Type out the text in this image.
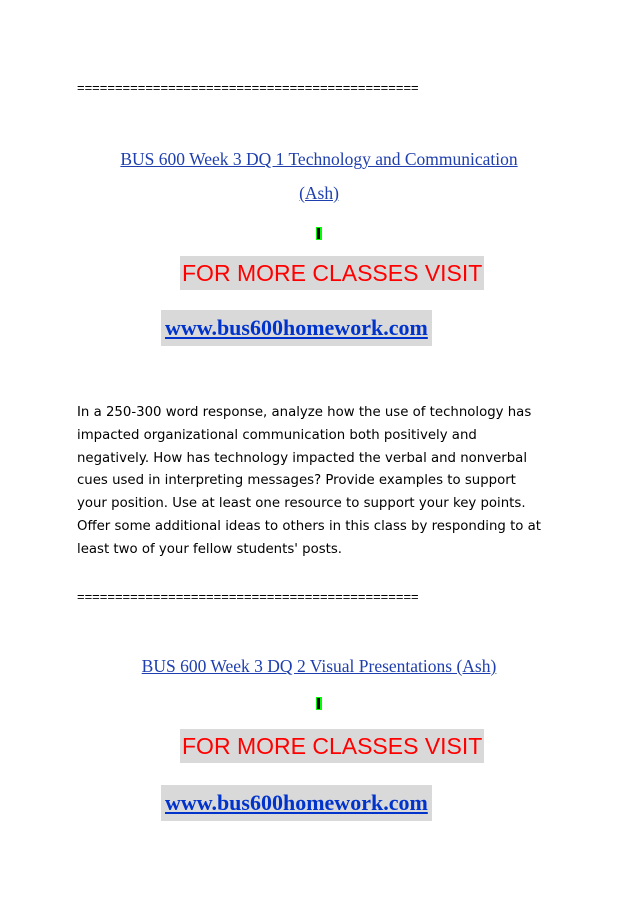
=============================================
BUS 600 Week 3 DQ 1 Technology and Communication
(Ash)
FOR MORE CLASSES VISIT
www.bus600homework.com
In a 250-300 word response, analyze how the use of technology has
impacted organizational communication both positively and
negatively. How has technology impacted the verbal and nonverbal
cues used in interpreting messages? Provide examples to support
your position. Use at least one resource to support your key points.
Offer some additional ideas to others in this class by responding to at
least two of your fellow students' posts.
=============================================
BUS 600 Week 3 DQ 2 Visual Presentations (Ash)
FOR MORE CLASSES VISIT
www.bus600homework.com
